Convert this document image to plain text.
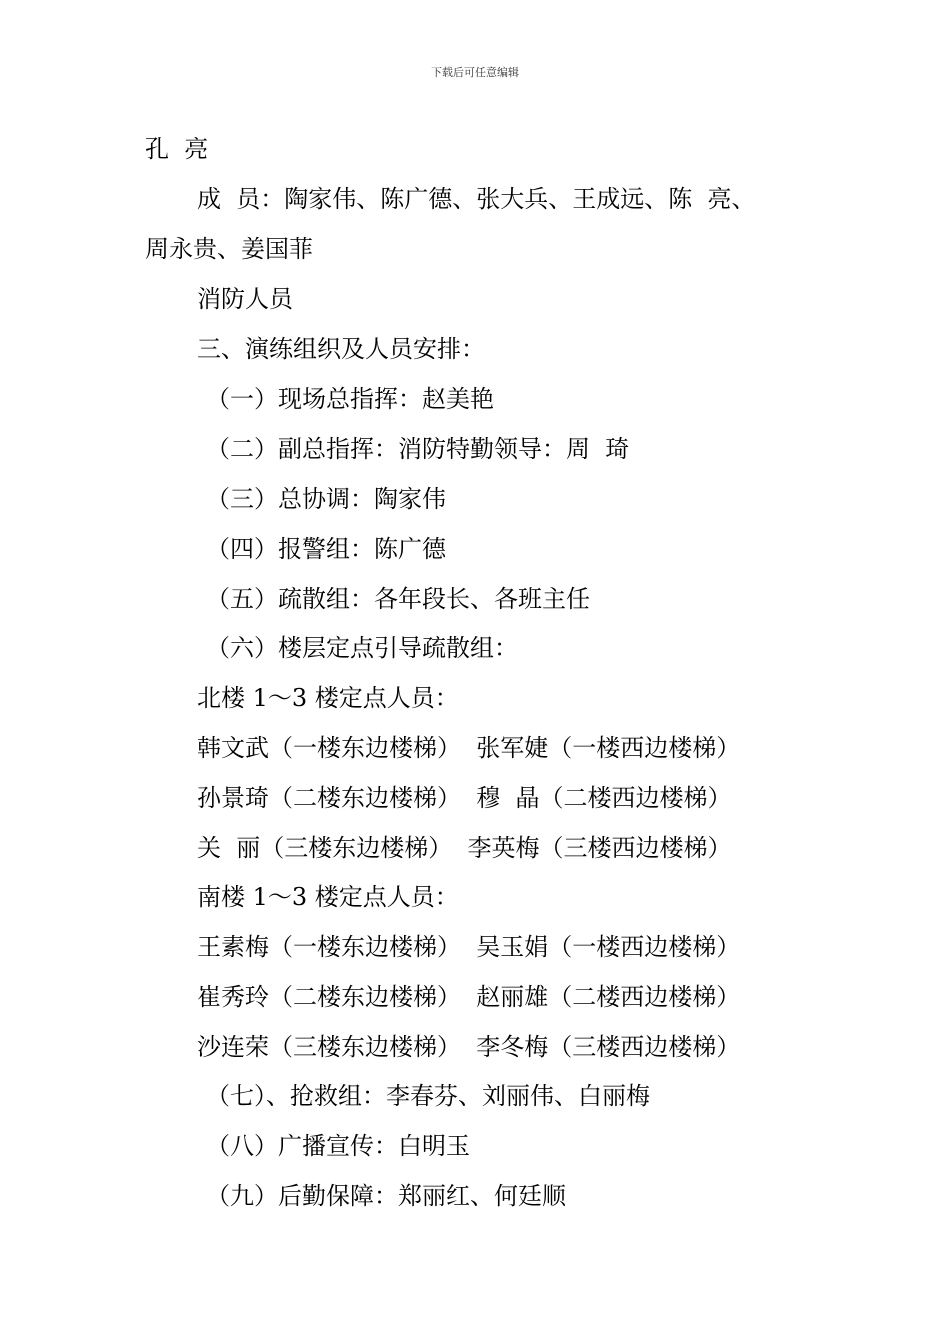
下载后可任意编辑
孔  亮
成  员：陶家伟、陈广德、张大兵、王成远、陈  亮、
周永贵、姜国菲
消防人员
三、演练组织及人员安排：
（一）现场总指挥：赵美艳
（二）副总指挥：消防特勤领导：周  琦
（三）总协调：陶家伟
（四）报警组：陈广德
（五）疏散组：各年段长、各班主任
（六）楼层定点引导疏散组：
北楼 1～3 楼定点人员：
韩文武（一楼东边楼梯）  张军婕（一楼西边楼梯）
孙景琦（二楼东边楼梯）  穆  晶（二楼西边楼梯）
关  丽（三楼东边楼梯）  李英梅（三楼西边楼梯）
南楼 1～3 楼定点人员：
王素梅（一楼东边楼梯）  吴玉娟（一楼西边楼梯）
崔秀玲（二楼东边楼梯）  赵丽雄（二楼西边楼梯）
沙连荣（三楼东边楼梯）  李冬梅（三楼西边楼梯）
（七）、抢救组：李春芬、刘丽伟、白丽梅
（八）广播宣传：白明玉
（九）后勤保障：郑丽红、何廷顺
